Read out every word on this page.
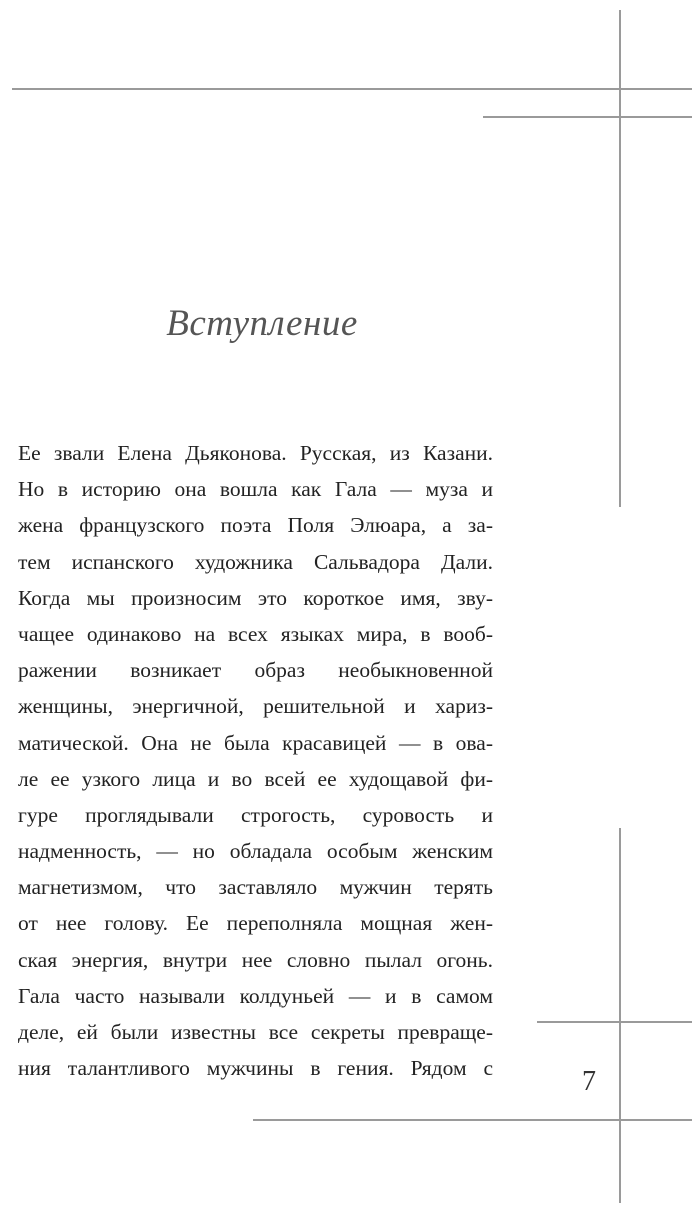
Вступление
Ее звали Елена Дьяконова. Русская, из Казани.
Но в историю она вошла как Гала — муза и
жена французского поэта Поля Элюара, а за-
тем испанского художника Сальвадора Дали.
Когда мы произносим это короткое имя, зву-
чащее одинаково на всех языках мира, в вооб-
ражении возникает образ необыкновенной
женщины, энергичной, решительной и хариз-
матической. Она не была красавицей — в ова-
ле ее узкого лица и во всей ее худощавой фи-
гуре проглядывали строгость, суровость и
надменность, — но обладала особым женским
магнетизмом, что заставляло мужчин терять
от нее голову. Ее переполняла мощная жен-
ская энергия, внутри нее словно пылал огонь.
Гала часто называли колдуньей — и в самом
деле, ей были известны все секреты превраще-
ния талантливого мужчины в гения. Рядом с	7
